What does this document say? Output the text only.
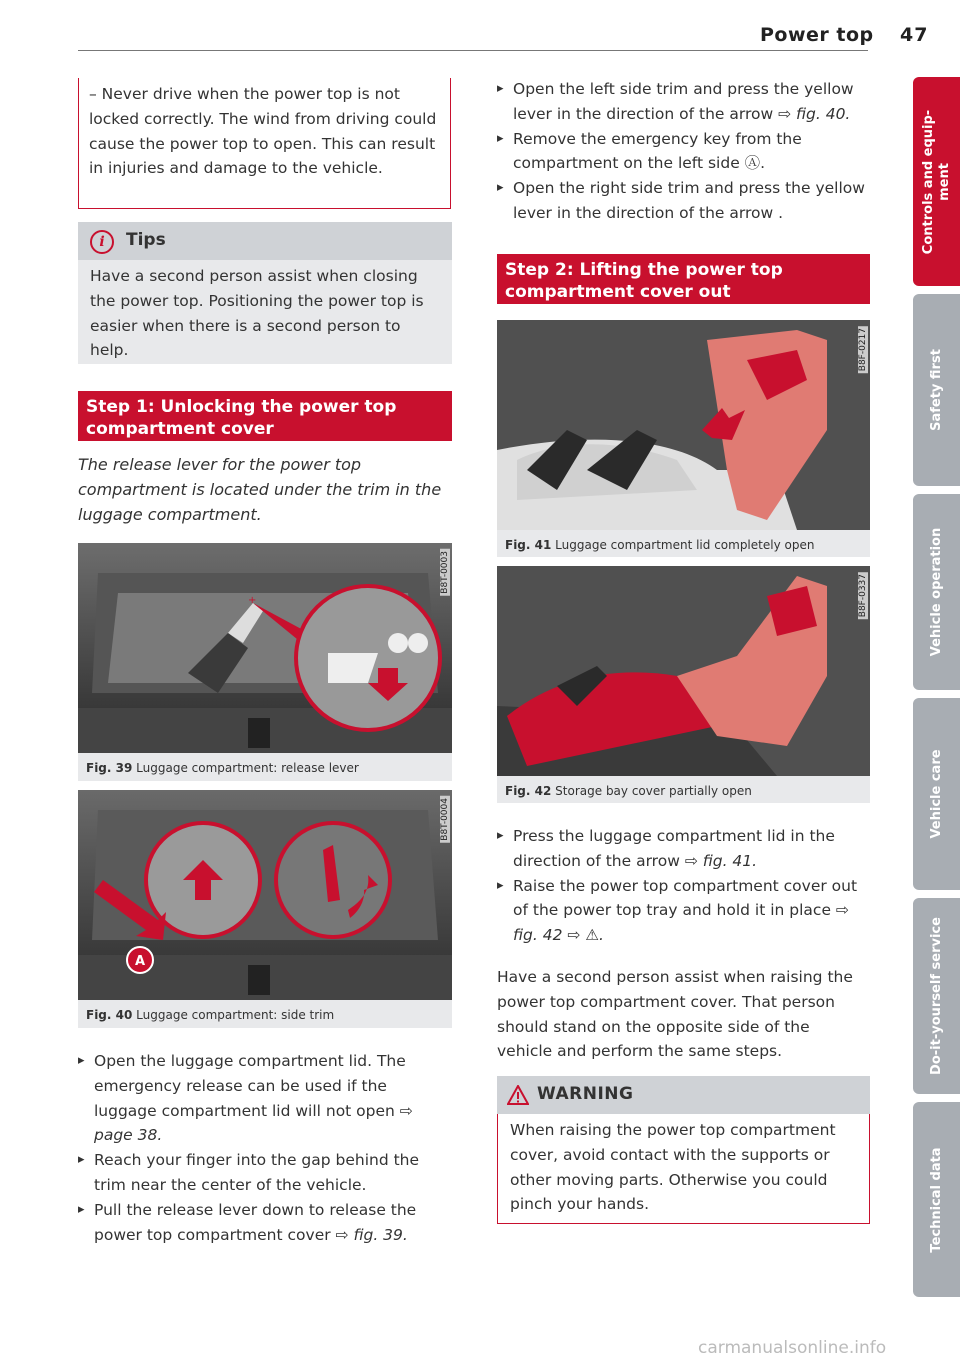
Power top 47

– Never drive when the power top is not locked correctly. The wind from driving could cause the power top to open. This can result in injuries and damage to the vehicle.

i	Tips

Have a second person assist when closing the power top. Positioning the power top is easier when there is a second person to help.

Step 1: Unlocking the power top
compartment cover
The release lever for the power top compartment is located under the trim in the luggage compartment.
+
B8T-0003
Fig. 39 Luggage compartment: release lever
A
B8T-0004
Fig. 40 Luggage compartment: side trim
▸ Open the luggage compartment lid. The emergency release can be used if the luggage compartment lid will not open ⇨ page 38.
▸ Reach your finger into the gap behind the trim near the center of the vehicle.
▸ Pull the release lever down to release the power top compartment cover ⇨ fig. 39.
▸ Open the left side trim and press the yellow lever in the direction of the arrow ⇨ fig. 40.
▸ Remove the emergency key from the compartment on the left side Ⓐ.
▸ Open the right side trim and press the yellow lever in the direction of the arrow .
Step 2: Lifting the power top
compartment cover out
B8F-0217
Fig. 41 Luggage compartment lid completely open
B8F-0337
Fig. 42 Storage bay cover partially open
▸ Press the luggage compartment lid in the direction of the arrow ⇨ fig. 41.
▸ Raise the power top compartment cover out of the power top tray and hold it in place ⇨ fig. 42 ⇨ ⚠.

Have a second person assist when raising the power top compartment cover. That person should stand on the opposite side of the vehicle and perform the same steps.

WARNING

When raising the power top compartment cover, avoid contact with the supports or other moving parts. Otherwise you could pinch your hands.

Controls and equip- ment
Safety first
Vehicle operation
Vehicle care
Do-it-yourself service
Technical data
carmanualsonline.info
